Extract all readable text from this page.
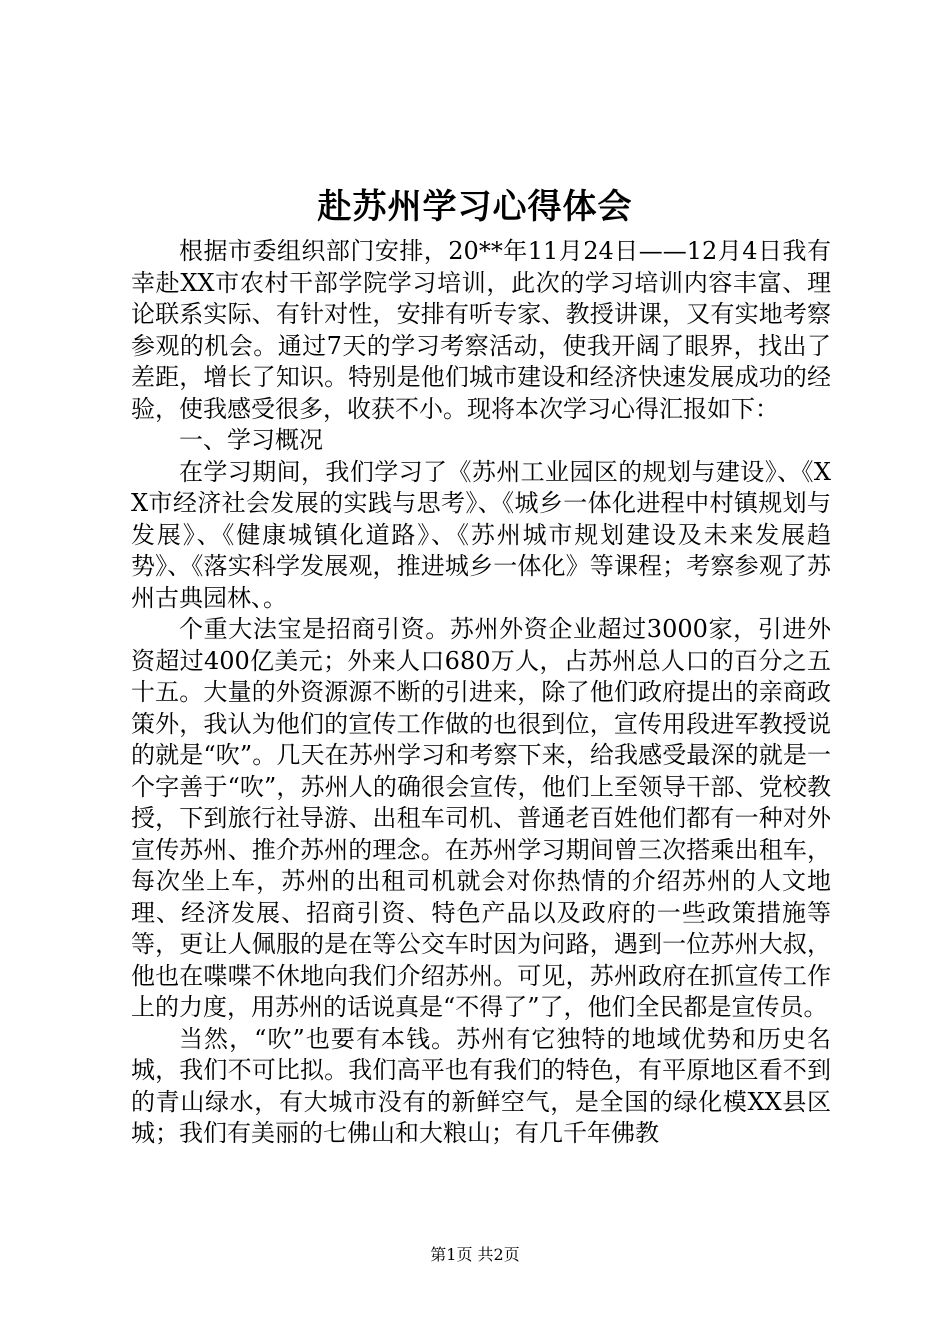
赴苏州学习心得体会

根据市委组织部门安排，20**年11月24日——12月4日我有幸赴XX市农村干部学院学习培训，此次的学习培训内容丰富、理论联系实际、有针对性，安排有听专家、教授讲课，又有实地考察参观的机会。通过7天的学习考察活动，使我开阔了眼界，找出了差距，增长了知识。特别是他们城市建设和经济快速发展成功的经验，使我感受很多，收获不小。现将本次学习心得汇报如下：

一、学习概况

在学习期间，我们学习了《苏州工业园区的规划与建设》、《XX市经济社会发展的实践与思考》、《城乡一体化进程中村镇规划与发展》、《健康城镇化道路》、《苏州城市规划建设及未来发展趋势》、《落实科学发展观，推进城乡一体化》等课程；考察参观了苏州古典园林、。

个重大法宝是招商引资。苏州外资企业超过3000家，引进外资超过400亿美元；外来人口680万人，占苏州总人口的百分之五十五。大量的外资源源不断的引进来，除了他们政府提出的亲商政策外，我认为他们的宣传工作做的也很到位，宣传用段进军教授说的就是“吹”。几天在苏州学习和考察下来，给我感受最深的就是一个字善于“吹”，苏州人的确很会宣传，他们上至领导干部、党校教授，下到旅行社导游、出租车司机、普通老百姓他们都有一种对外宣传苏州、推介苏州的理念。在苏州学习期间曾三次搭乘出租车，每次坐上车，苏州的出租司机就会对你热情的介绍苏州的人文地理、经济发展、招商引资、特色产品以及政府的一些政策措施等等，更让人佩服的是在等公交车时因为问路，遇到一位苏州大叔，他也在喋喋不休地向我们介绍苏州。可见，苏州政府在抓宣传工作上的力度，用苏州的话说真是“不得了”了，他们全民都是宣传员。

当然，“吹”也要有本钱。苏州有它独特的地域优势和历史名城，我们不可比拟。我们高平也有我们的特色，有平原地区看不到的青山绿水，有大城市没有的新鲜空气，是全国的绿化模XX县区城；我们有美丽的七佛山和大粮山；有几千年佛教

第1页 共2页
